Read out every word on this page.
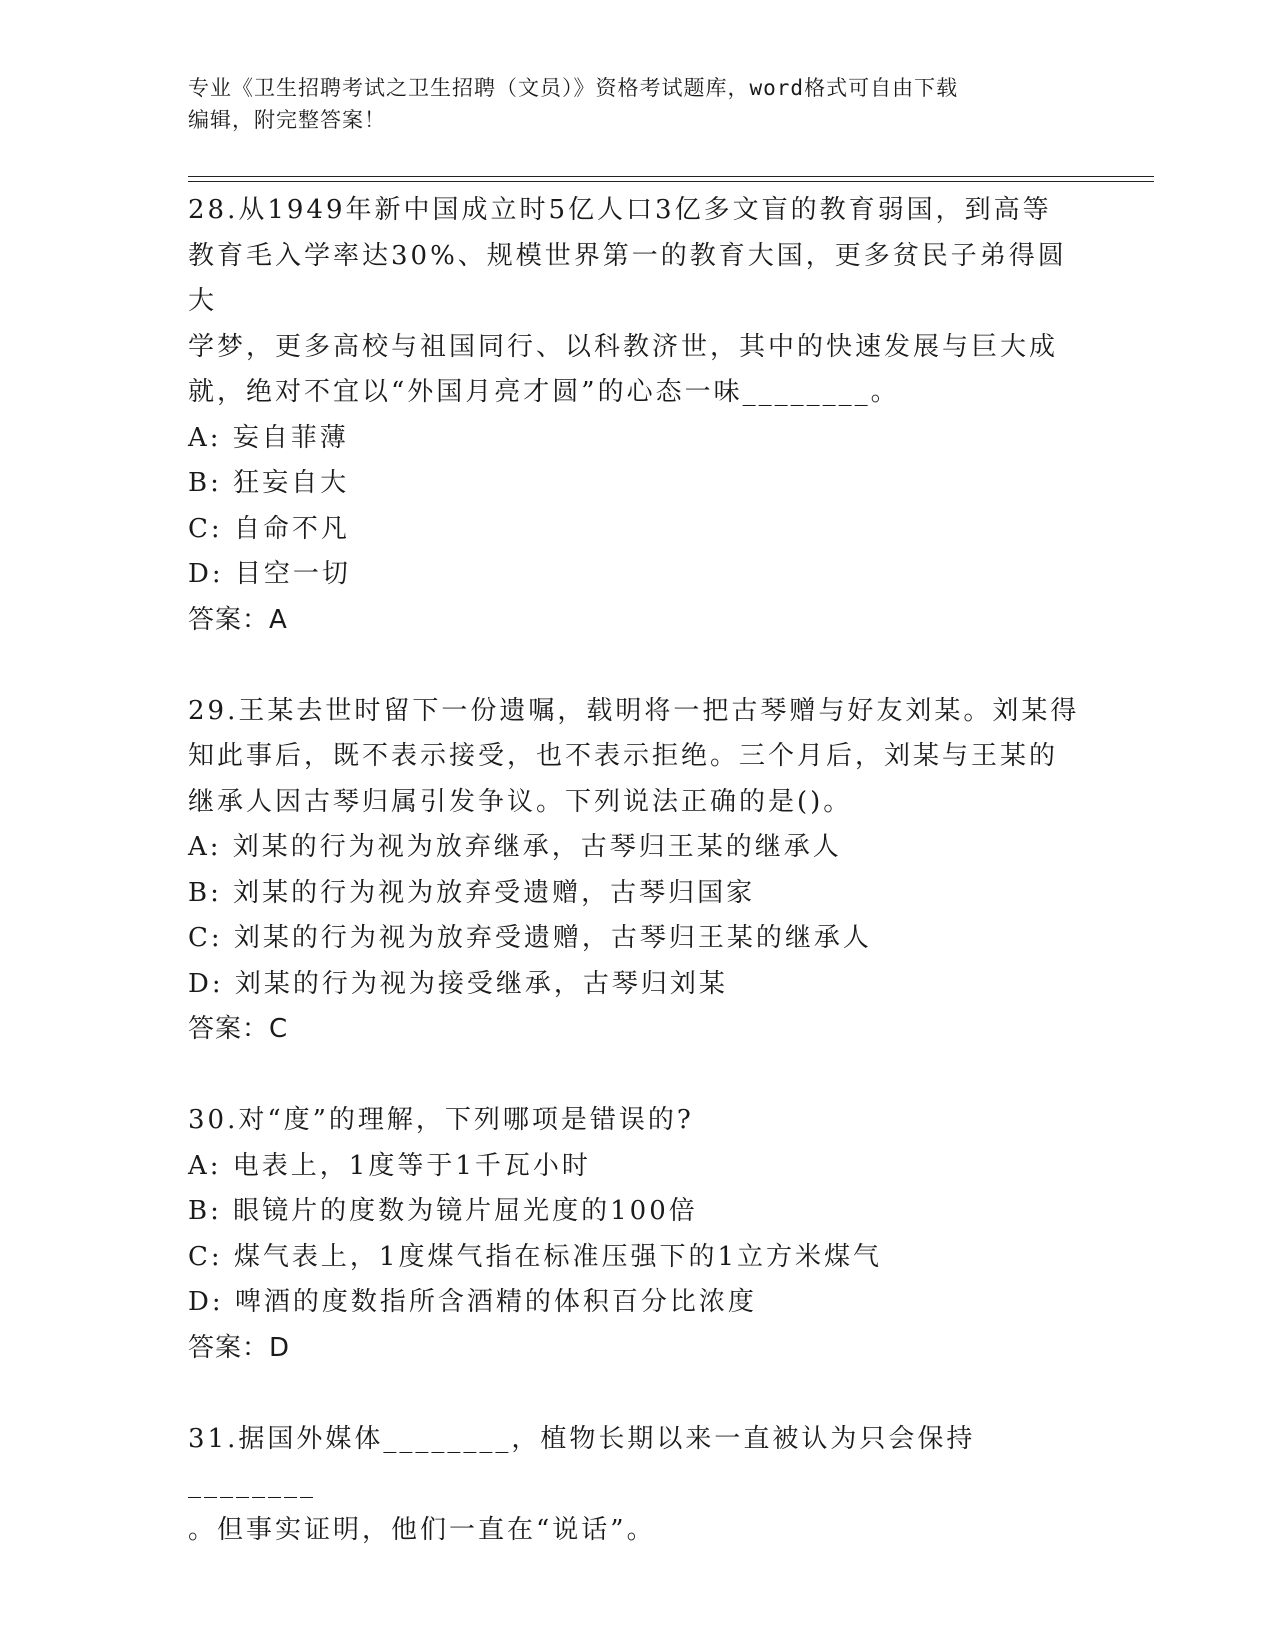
专业《卫生招聘考试之卫生招聘（文员）》资格考试题库，word格式可自由下载
编辑，附完整答案！
28.从1949年新中国成立时5亿人口3亿多文盲的教育弱国，到高等
教育毛入学率达30%、规模世界第一的教育大国，更多贫民子弟得圆大
学梦，更多高校与祖国同行、以科教济世，其中的快速发展与巨大成
就，绝对不宜以“外国月亮才圆”的心态一味________。
A: 妄自菲薄
B: 狂妄自大
C: 自命不凡
D: 目空一切
答案：A
29.王某去世时留下一份遗嘱，载明将一把古琴赠与好友刘某。刘某得
知此事后，既不表示接受，也不表示拒绝。三个月后，刘某与王某的
继承人因古琴归属引发争议。下列说法正确的是()。
A: 刘某的行为视为放弃继承，古琴归王某的继承人
B: 刘某的行为视为放弃受遗赠，古琴归国家
C: 刘某的行为视为放弃受遗赠，古琴归王某的继承人
D: 刘某的行为视为接受继承，古琴归刘某
答案：C
30.对“度”的理解，下列哪项是错误的?
A: 电表上，1度等于1千瓦小时
B: 眼镜片的度数为镜片屈光度的100倍
C: 煤气表上，1度煤气指在标准压强下的1立方米煤气
D: 啤酒的度数指所含酒精的体积百分比浓度
答案：D
31.据国外媒体________，植物长期以来一直被认为只会保持________
。但事实证明，他们一直在“说话”。
